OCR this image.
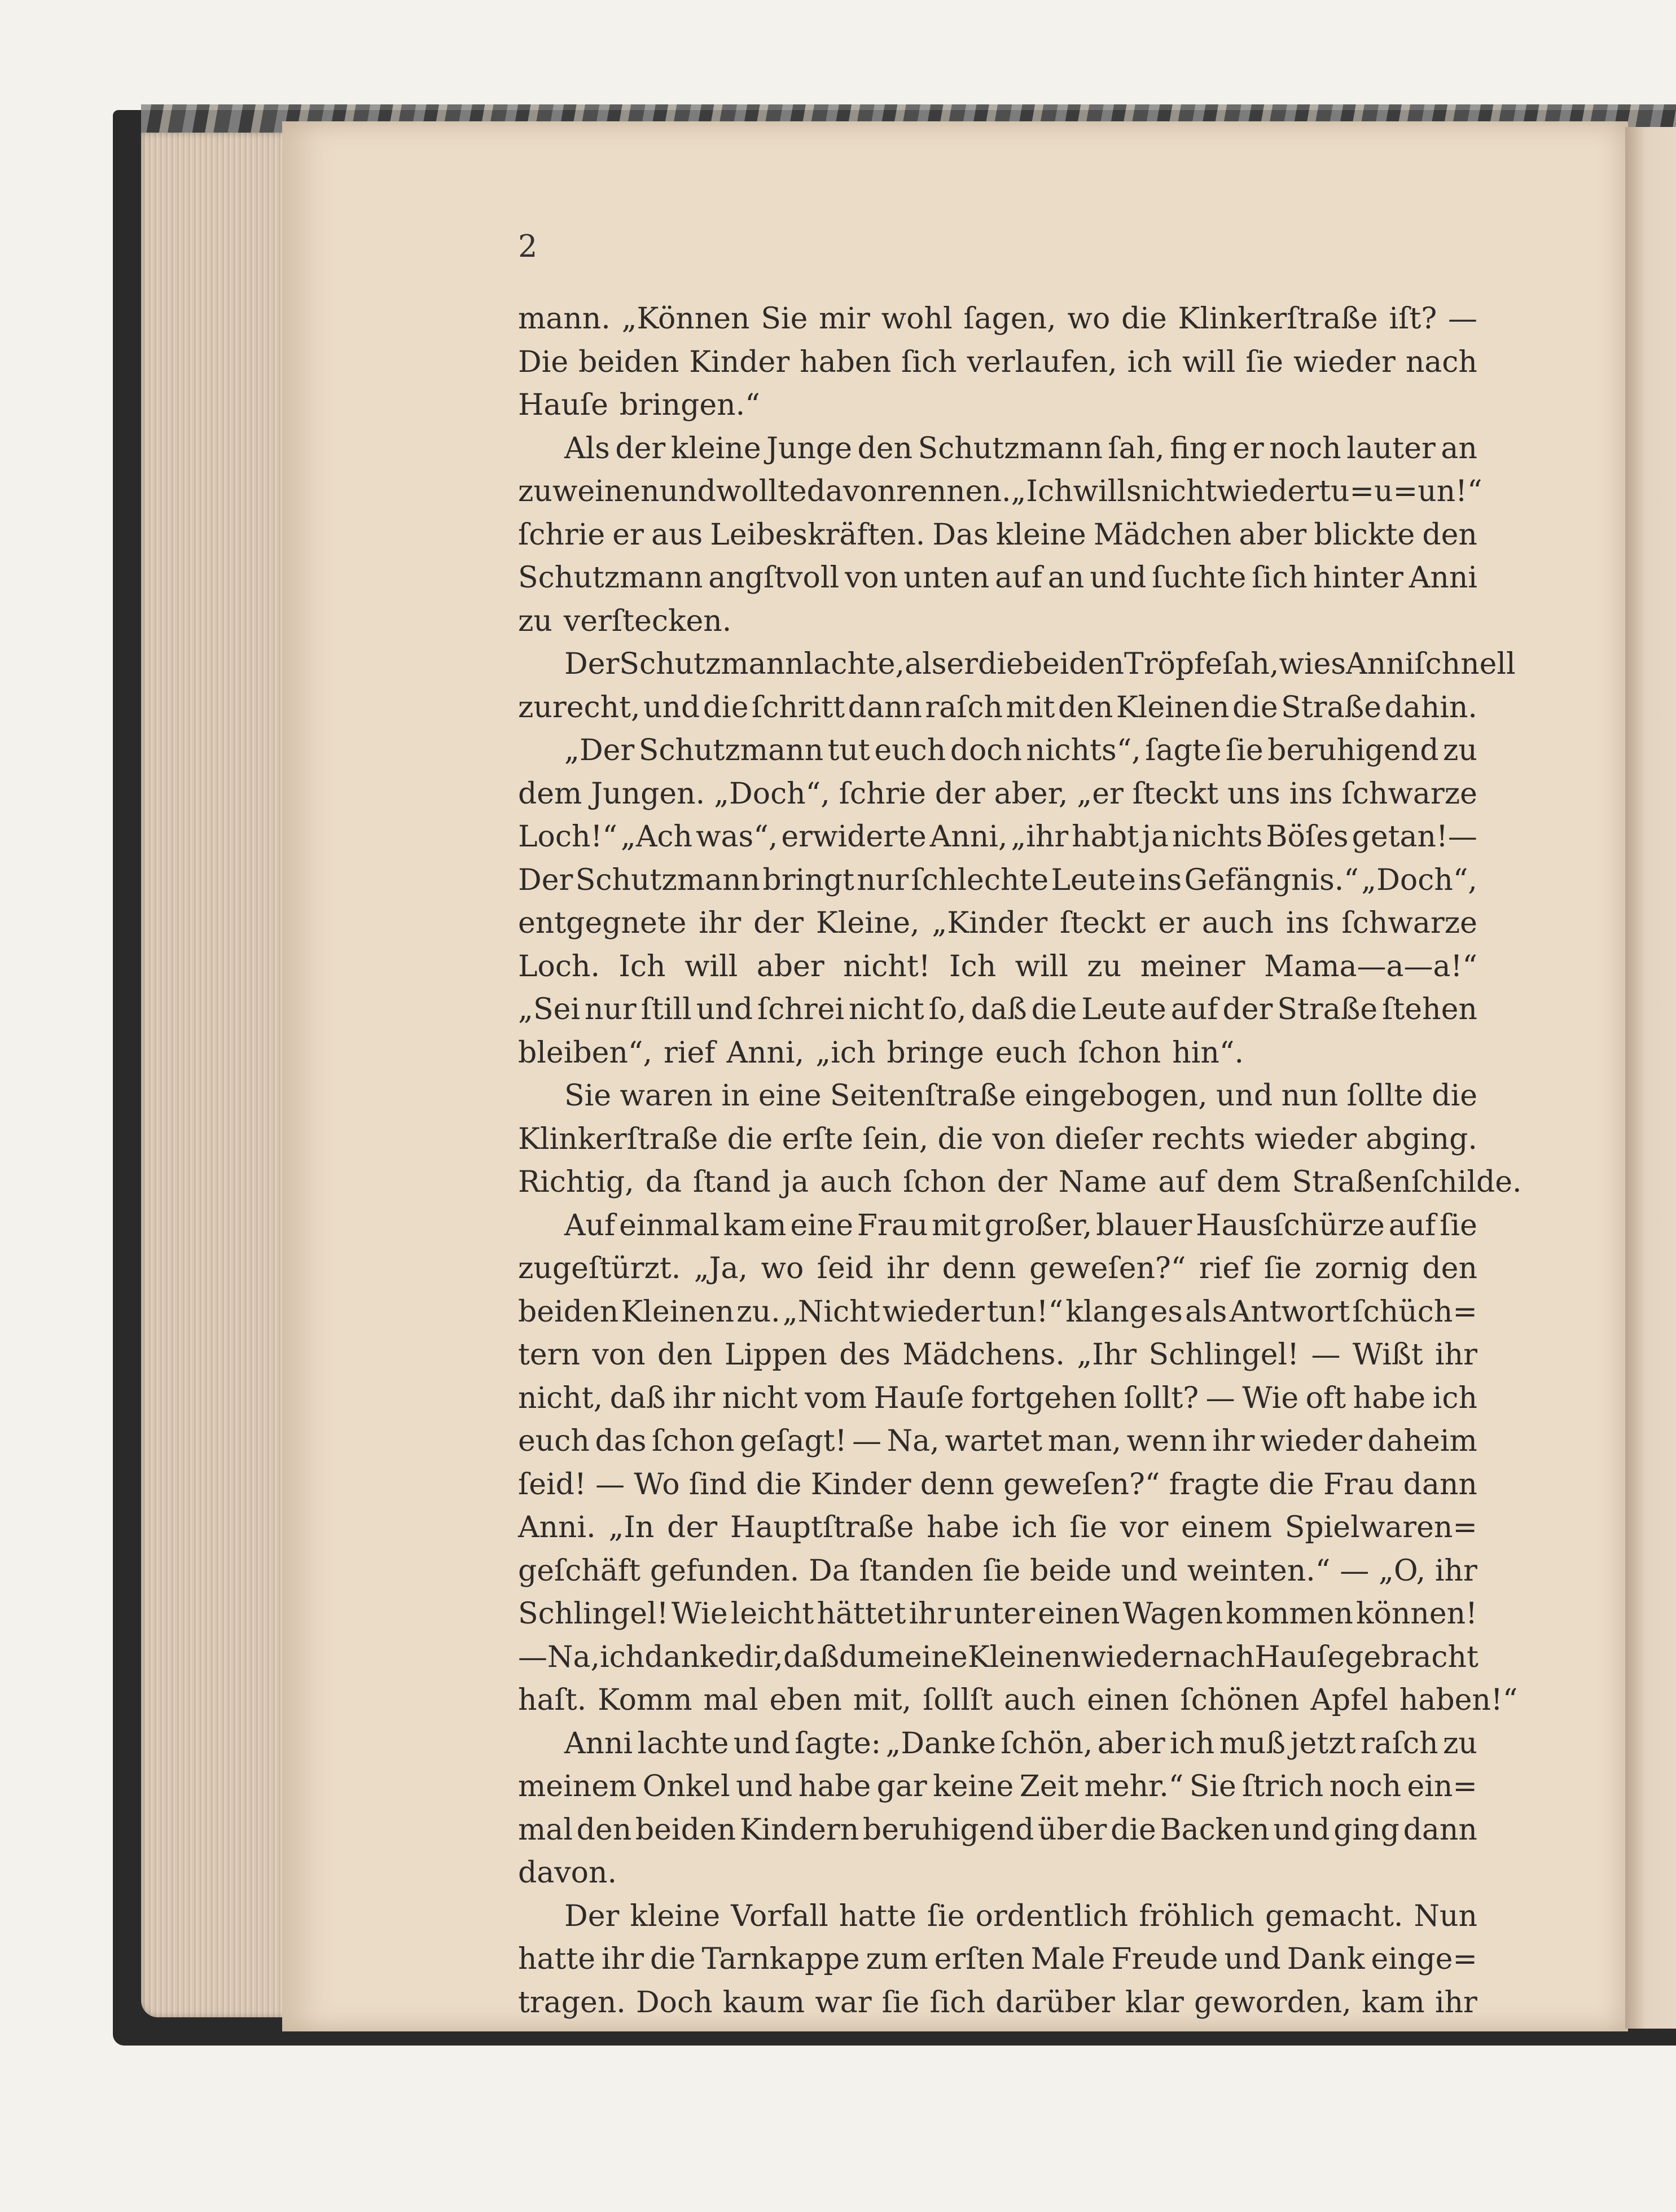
2
mann. „Können Sie mir wohl ſagen, wo die Klinkerſtraße iſt? —
Die beiden Kinder haben ſich verlaufen, ich will ſie wieder nach
Hauſe bringen.“
Als der kleine Junge den Schutzmann ſah, fing er noch lauter an
zu weinen und wollte davon rennen. „Ich wills nicht wieder tu=u=un!“
ſchrie er aus Leibeskräften. Das kleine Mädchen aber blickte den
Schutzmann angſtvoll von unten auf an und ſuchte ſich hinter Anni
zu verſtecken.
Der Schutzmann lachte, als er die beiden Tröpfe ſah, wies Anni ſchnell
zurecht, und die ſchritt dann raſch mit den Kleinen die Straße dahin.
„Der Schutzmann tut euch doch nichts“, ſagte ſie beruhigend zu
dem Jungen. „Doch“, ſchrie der aber, „er ſteckt uns ins ſchwarze
Loch!“ „Ach was“, erwiderte Anni, „ihr habt ja nichts Böſes getan!—
Der Schutzmann bringt nur ſchlechte Leute ins Gefängnis.“ „Doch“,
entgegnete ihr der Kleine, „Kinder ſteckt er auch ins ſchwarze
Loch. Ich will aber nicht! Ich will zu meiner Mama—a—a!“
„Sei nur ſtill und ſchrei nicht ſo, daß die Leute auf der Straße ſtehen
bleiben“, rief Anni, „ich bringe euch ſchon hin“.
Sie waren in eine Seitenſtraße eingebogen, und nun ſollte die
Klinkerſtraße die erſte ſein, die von dieſer rechts wieder abging.
Richtig, da ſtand ja auch ſchon der Name auf dem Straßenſchilde.
Auf einmal kam eine Frau mit großer, blauer Hausſchürze auf ſie
zugeſtürzt. „Ja, wo ſeid ihr denn geweſen?“ rief ſie zornig den
beiden Kleinen zu. „Nicht wieder tun!“ klang es als Antwort ſchüch=
tern von den Lippen des Mädchens. „Ihr Schlingel! — Wißt ihr
nicht, daß ihr nicht vom Hauſe fortgehen ſollt? — Wie oft habe ich
euch das ſchon geſagt! — Na, wartet man, wenn ihr wieder daheim
ſeid! — Wo ſind die Kinder denn geweſen?“ fragte die Frau dann
Anni. „In der Hauptſtraße habe ich ſie vor einem Spielwaren=
geſchäft gefunden. Da ſtanden ſie beide und weinten.“ — „O, ihr
Schlingel! Wie leicht hättet ihr unter einen Wagen kommen können!
— Na, ich danke dir, daß du meine Kleinen wieder nach Hauſe gebracht
haſt. Komm mal eben mit, ſollſt auch einen ſchönen Apfel haben!“
Anni lachte und ſagte: „Danke ſchön, aber ich muß jetzt raſch zu
meinem Onkel und habe gar keine Zeit mehr.“ Sie ſtrich noch ein=
mal den beiden Kindern beruhigend über die Backen und ging dann
davon.
Der kleine Vorfall hatte ſie ordentlich fröhlich gemacht. Nun
hatte ihr die Tarnkappe zum erſten Male Freude und Dank einge=
tragen. Doch kaum war ſie ſich darüber klar geworden, kam ihr
